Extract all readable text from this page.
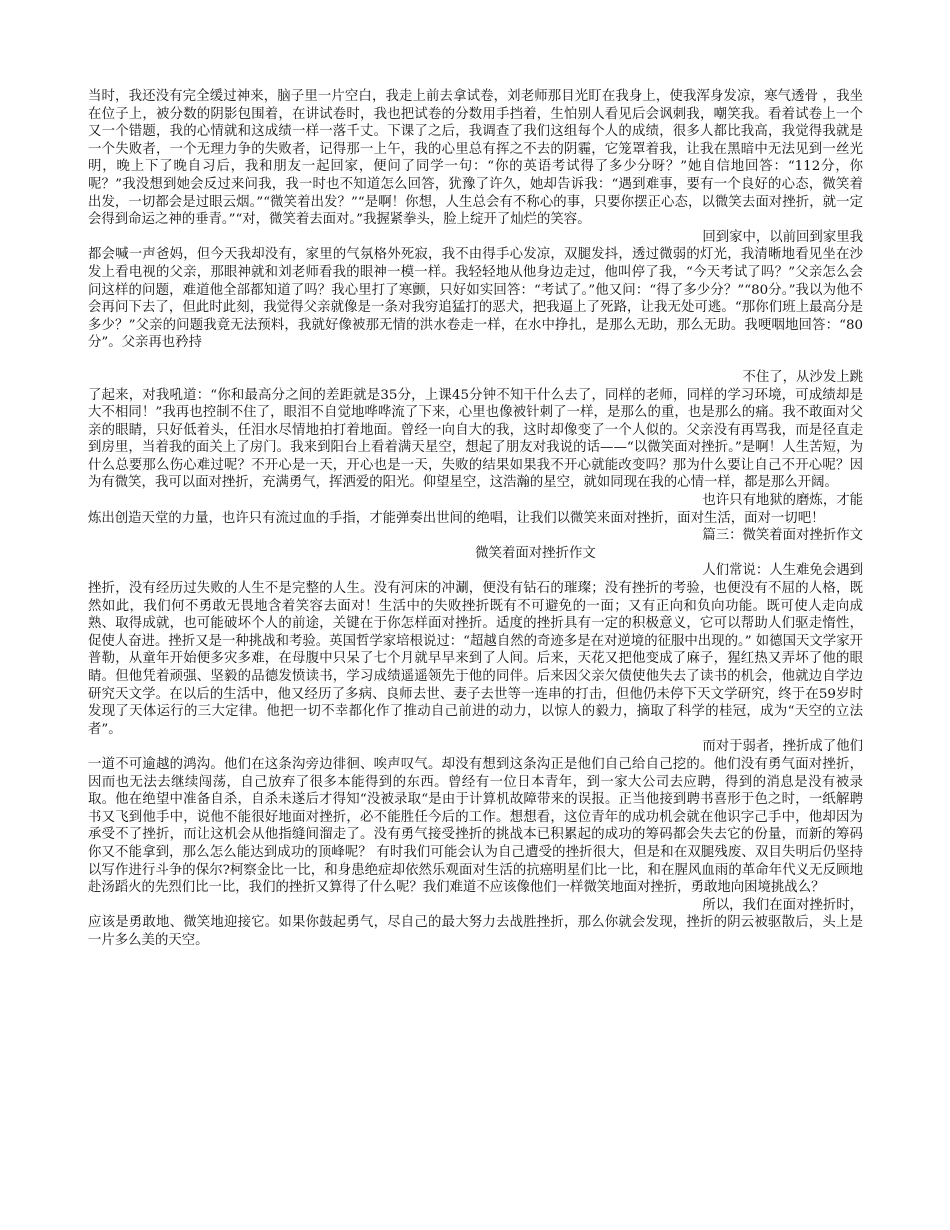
当时，我还没有完全缓过神来，脑子里一片空白，我走上前去拿试卷，刘老师那目光盯在我身上，使我浑身发凉，寒气透骨 ，我坐在位子上，被分数的阴影包围着，在讲试卷时，我也把试卷的分数用手挡着，生怕别人看见后会讽刺我，嘲笑我。看着试卷上一个又一个错题，我的心情就和这成绩一样一落千丈。下课了之后，我调查了我们这组每个人的成绩，很多人都比我高，我觉得我就是一个失败者，一个无理力争的失败者，记得那一上午，我的心里总有挥之不去的阴霾，它笼罩着我，让我在黑暗中无法见到一丝光明，晚上下了晚自习后，我和朋友一起回家，便问了同学一句：“你的英语考试得了多少分呀？”她自信地回答：“112分，你呢？”我没想到她会反过来问我，我一时也不知道怎么回答，犹豫了许久，她却告诉我：“遇到难事，要有一个良好的心态，微笑着出发，一切都会是过眼云烟。”“微笑着出发？”“是啊！你想，人生总会有不称心的事，只要你摆正心态，以微笑去面对挫折，就一定会得到命运之神的垂青。”“对，微笑着去面对。”我握紧拳头，脸上绽开了灿烂的笑容。

回到家中，以前回到家里我

都会喊一声爸妈，但今天我却没有，家里的气氛格外死寂，我不由得手心发凉，双腿发抖，透过微弱的灯光，我清晰地看见坐在沙发上看电视的父亲，那眼神就和刘老师看我的眼神一模一样。我轻轻地从他身边走过，他叫停了我，“今天考试了吗？”父亲怎么会问这样的问题，难道他全部都知道了吗？我心里打了寒颤，只好如实回答：“考试了。”他又问：“得了多少分？”“80分。”我以为他不会再问下去了，但此时此刻，我觉得父亲就像是一条对我穷追猛打的恶犬，把我逼上了死路，让我无处可逃。“那你们班上最高分是多少？”父亲的问题我竟无法预料，我就好像被那无情的洪水卷走一样，在水中挣扎，是那么无助，那么无助。我哽咽地回答：“80分”。父亲再也矜持

不住了，从沙发上跳

了起来，对我吼道：“你和最高分之间的差距就是35分，上课45分钟不知干什么去了，同样的老师，同样的学习环境，可成绩却是大不相同！”我再也控制不住了，眼泪不自觉地哗哗流了下来，心里也像被针刺了一样，是那么的重，也是那么的痛。我不敢面对父亲的眼睛，只好低着头，任泪水尽情地拍打着地面。曾经一向自大的我，这时却像变了一个人似的。父亲没有再骂我，而是径直走到房里，当着我的面关上了房门。我来到阳台上看着满天星空，想起了朋友对我说的话——“以微笑面对挫折。”是啊！人生苦短，为什么总要那么伤心难过呢？不开心是一天，开心也是一天，失败的结果如果我不开心就能改变吗？那为什么要让自己不开心呢？因为有微笑，我可以面对挫折，充满勇气，挥洒爱的阳光。仰望星空，这浩瀚的星空，就如同现在我的心情一样，都是那么开阔。

也许只有地狱的磨炼，才能

炼出创造天堂的力量，也许只有流过血的手指，才能弹奏出世间的绝唱，让我们以微笑来面对挫折，面对生活，面对一切吧！

篇三：微笑着面对挫折作文

微笑着面对挫折作文

人们常说：人生难免会遇到

挫折，没有经历过失败的人生不是完整的人生。没有河床的冲涮，便没有钻石的璀璨；没有挫折的考验，也便没有不屈的人格，既然如此，我们何不勇敢无畏地含着笑容去面对！生活中的失败挫折既有不可避免的一面；又有正向和负向功能。既可使人走向成熟、取得成就，也可能破坏个人的前途，关键在于你怎样面对挫折。适度的挫折具有一定的积极意义，它可以帮助人们驱走惰性，促使人奋进。挫折又是一种挑战和考验。英国哲学家培根说过：“超越自然的奇迹多是在对逆境的征服中出现的。” 如德国天文学家开普勒，从童年开始便多灾多难，在母腹中只呆了七个月就早早来到了人间。后来，天花又把他变成了麻子，猩红热又弄坏了他的眼睛。但他凭着顽强、坚毅的品德发愤读书，学习成绩遥遥领先于他的同伴。后来因父亲欠债使他失去了读书的机会，他就边自学边研究天文学。在以后的生活中，他又经历了多病、良师去世、妻子去世等一连串的打击，但他仍未停下天文学研究，终于在59岁时发现了天体运行的三大定律。他把一切不幸都化作了推动自己前进的动力，以惊人的毅力，摘取了科学的桂冠，成为“天空的立法者”。

而对于弱者，挫折成了他们

一道不可逾越的鸿沟。他们在这条沟旁边徘徊、唉声叹气。却没有想到这条沟正是他们自己给自己挖的。他们没有勇气面对挫折，因而也无法去继续闯荡，自己放弃了很多本能得到的东西。曾经有一位日本青年，到一家大公司去应聘，得到的消息是没有被录取。他在绝望中准备自杀，自杀未遂后才得知“没被录取“是由于计算机故障带来的误报。正当他接到聘书喜形于色之时，一纸解聘书又飞到他手中，说他不能很好地面对挫折，必不能胜任今后的工作。想想看，这位青年的成功机会就在他识字己手中，他却因为承受不了挫折，而让这机会从他指缝间溜走了。没有勇气接受挫折的挑战本已积累起的成功的筹码都会失去它的份量，而新的筹码你又不能拿到，那么怎么能达到成功的顶峰呢？ 有时我们可能会认为自己遭受的挫折很大，但是和在双腿残废、双目失明后仍坚持以写作进行斗争的保尔?柯察金比一比，和身患绝症却依然乐观面对生活的抗癌明星们比一比，和在腥风血雨的革命年代义无反顾地赴汤蹈火的先烈们比一比，我们的挫折又算得了什么呢？我们难道不应该像他们一样微笑地面对挫折，勇敢地向困境挑战么？

所以，我们在面对挫折时，

应该是勇敢地、微笑地迎接它。如果你鼓起勇气，尽自己的最大努力去战胜挫折，那么你就会发现，挫折的阴云被驱散后，头上是一片多么美的天空。
